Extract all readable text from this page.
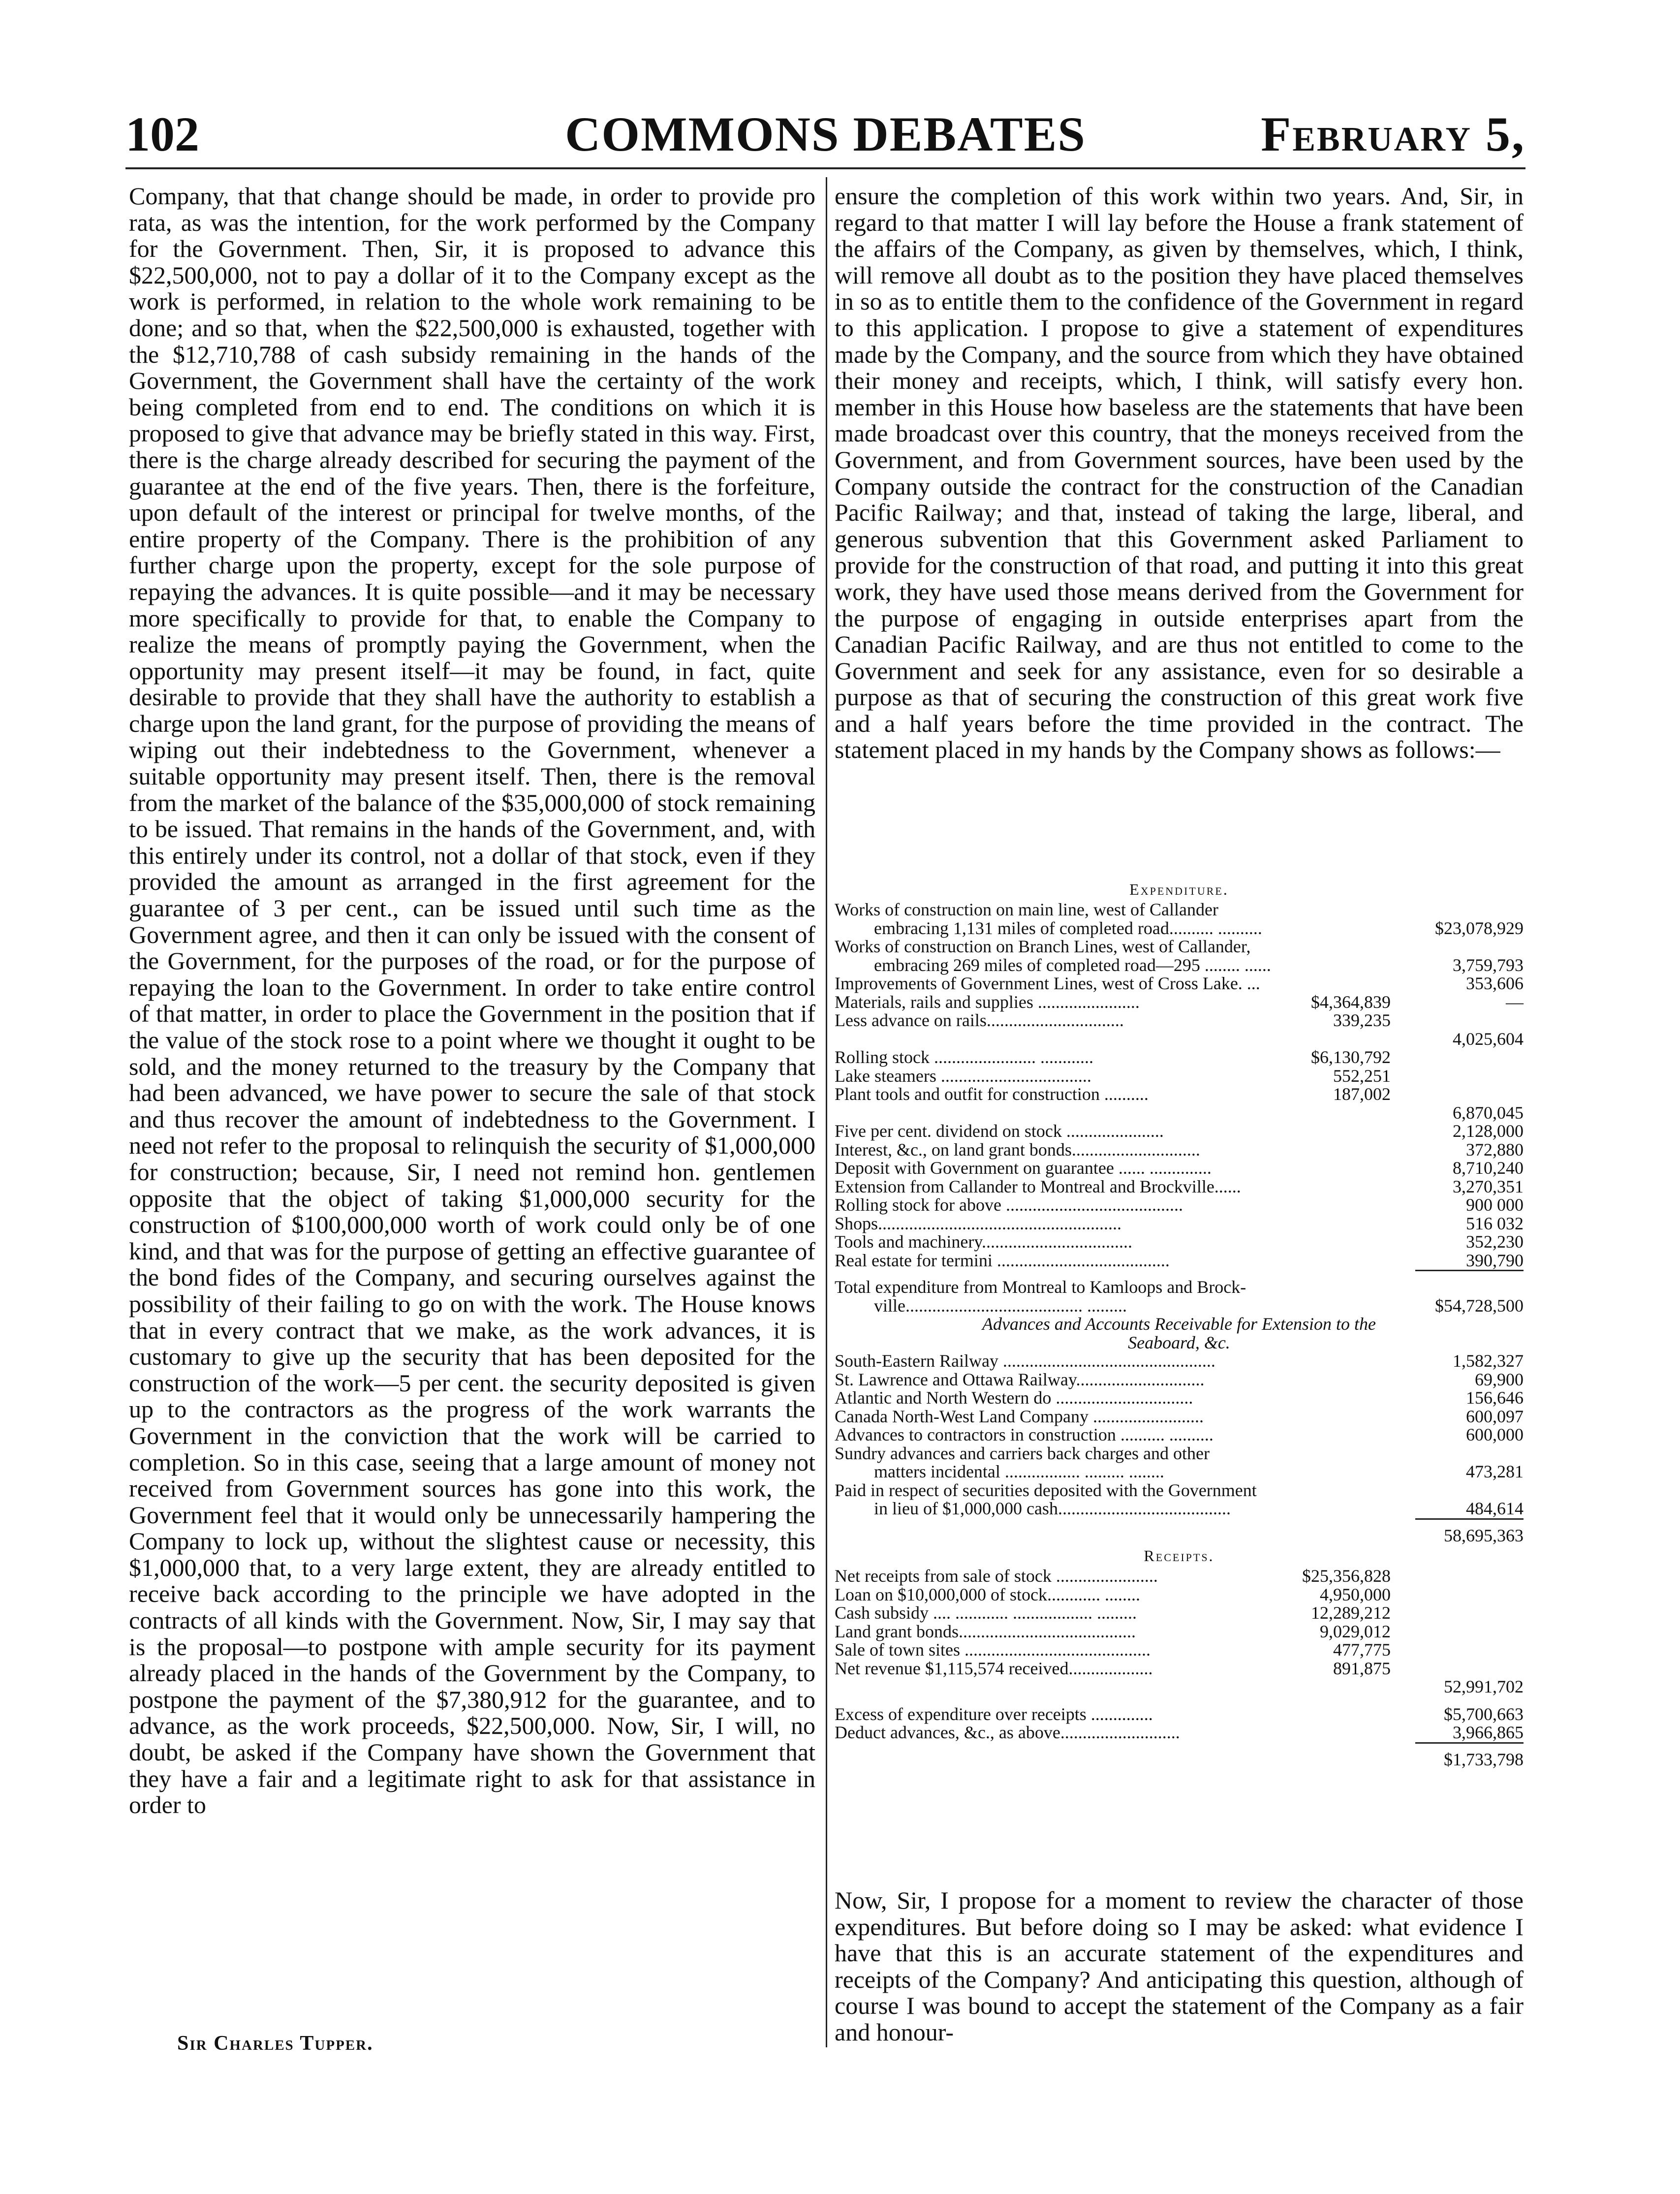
102	COMMONS DEBATES	February 5,

Company, that that change should be made, in order to provide pro rata, as was the intention, for the work performed by the Company for the Government. Then, Sir, it is proposed to advance this $22,500,000, not to pay a dollar of it to the Company except as the work is performed, in relation to the whole work remaining to be done; and so that, when the $22,500,000 is exhausted, together with the $12,710,788 of cash subsidy remaining in the hands of the Government, the Government shall have the certainty of the work being completed from end to end. The conditions on which it is proposed to give that advance may be briefly stated in this way. First, there is the charge already described for securing the payment of the guarantee at the end of the five years. Then, there is the forfeiture, upon default of the interest or principal for twelve months, of the entire property of the Company. There is the prohibition of any further charge upon the property, except for the sole purpose of repaying the advances. It is quite possible—and it may be necessary more specifically to provide for that, to enable the Company to realize the means of promptly paying the Government, when the opportunity may present itself—it may be found, in fact, quite desirable to provide that they shall have the authority to establish a charge upon the land grant, for the purpose of providing the means of wiping out their indebtedness to the Government, whenever a suitable opportunity may present itself. Then, there is the removal from the market of the balance of the $35,000,000 of stock remaining to be issued. That remains in the hands of the Government, and, with this entirely under its control, not a dollar of that stock, even if they provided the amount as arranged in the first agreement for the guarantee of 3 per cent., can be issued until such time as the Government agree, and then it can only be issued with the consent of the Government, for the purposes of the road, or for the purpose of repaying the loan to the Government. In order to take entire control of that matter, in order to place the Government in the position that if the value of the stock rose to a point where we thought it ought to be sold, and the money returned to the treasury by the Company that had been advanced, we have power to secure the sale of that stock and thus recover the amount of indebtedness to the Government. I need not refer to the proposal to relinquish the security of $1,000,000 for construction; because, Sir, I need not remind hon. gentlemen opposite that the object of taking $1,000,000 security for the construction of $100,000,000 worth of work could only be of one kind, and that was for the purpose of getting an effective guarantee of the bond fides of the Company, and securing ourselves against the possibility of their failing to go on with the work. The House knows that in every contract that we make, as the work advances, it is customary to give up the security that has been deposited for the construction of the work—5 per cent. the security deposited is given up to the contractors as the progress of the work warrants the Government in the conviction that the work will be carried to completion. So in this case, seeing that a large amount of money not received from Government sources has gone into this work, the Government feel that it would only be unnecessarily hampering the Company to lock up, without the slightest cause or necessity, this $1,000,000 that, to a very large extent, they are already entitled to receive back according to the principle we have adopted in the contracts of all kinds with the Government. Now, Sir, I may say that is the proposal—to postpone with ample security for its payment already placed in the hands of the Government by the Company, to postpone the payment of the $7,380,912 for the guarantee, and to advance, as the work proceeds, $22,500,000. Now, Sir, I will, no doubt, be asked if the Company have shown the Government that they have a fair and a legitimate right to ask for that assistance in order to

Sir Charles Tupper.

ensure the completion of this work within two years. And, Sir, in regard to that matter I will lay before the House a frank statement of the affairs of the Company, as given by themselves, which, I think, will remove all doubt as to the position they have placed themselves in so as to entitle them to the confidence of the Government in regard to this application. I propose to give a statement of expenditures made by the Company, and the source from which they have obtained their money and receipts, which, I think, will satisfy every hon. member in this House how baseless are the statements that have been made broadcast over this country, that the moneys received from the Government, and from Government sources, have been used by the Company outside the contract for the construction of the Canadian Pacific Railway; and that, instead of taking the large, liberal, and generous subvention that this Government asked Parliament to provide for the construction of that road, and putting it into this great work, they have used those means derived from the Government for the purpose of engaging in outside enterprises apart from the Canadian Pacific Railway, and are thus not entitled to come to the Government and seek for any assistance, even for so desirable a purpose as that of securing the construction of this great work five and a half years before the time provided in the contract. The statement placed in my hands by the Company shows as follows:—

Expenditure.
Works of construction on main line, west of Callander
embracing 1,131 miles of completed road.......... ..........	$23,078,929
Works of construction on Branch Lines, west of Callander,
embracing 269 miles of completed road—295 ........ ......	3,759,793
Improvements of Government Lines, west of Cross Lake. ...	353,606
Materials, rails and supplies .......................	$4,364,839	—
Less advance on rails...............................	339,235
4,025,604
Rolling stock ....................... ............	$6,130,792
Lake steamers ..................................	552,251
Plant tools and outfit for construction ..........	187,002
6,870,045
Five per cent. dividend on stock ......................	2,128,000
Interest, &c., on land grant bonds.............................	372,880
Deposit with Government on guarantee ...... ..............	8,710,240
Extension from Callander to Montreal and Brockville......	3,270,351
Rolling stock for above ........................................	900 000
Shops.......................................................	516 032
Tools and machinery..................................	352,230
Real estate for termini .......................................	390,790
Total expenditure from Montreal to Kamloops and Brock-
ville........................................ .........	$54,728,500
Advances and Accounts Receivable for Extension to the
Seaboard, &c.
South-Eastern Railway ................................................	1,582,327
St. Lawrence and Ottawa Railway.............................	69,900
Atlantic and North Western do ...............................	156,646
Canada North-West Land Company .........................	600,097
Advances to contractors in construction .......... ..........	600,000
Sundry advances and carriers back charges and other
matters incidental ................. ......... ........	473,281
Paid in respect of securities deposited with the Government
in lieu of $1,000,000 cash.......................................	484,614
58,695,363
Receipts.
Net receipts from sale of stock .......................	$25,356,828
Loan on $10,000,000 of stock............ ........	4,950,000
Cash subsidy .... ............ .................. .........	12,289,212
Land grant bonds........................................	9,029,012
Sale of town sites ..........................................	477,775
Net revenue $1,115,574 received...................	891,875
52,991,702
Excess of expenditure over receipts ..............	$5,700,663
Deduct advances, &c., as above...........................	3,966,865
$1,733,798
Now, Sir, I propose for a moment to review the character of those expenditures. But before doing so I may be asked: what evidence I have that this is an accurate statement of the expenditures and receipts of the Company? And anticipating this question, although of course I was bound to accept the statement of the Company as a fair and honour-
